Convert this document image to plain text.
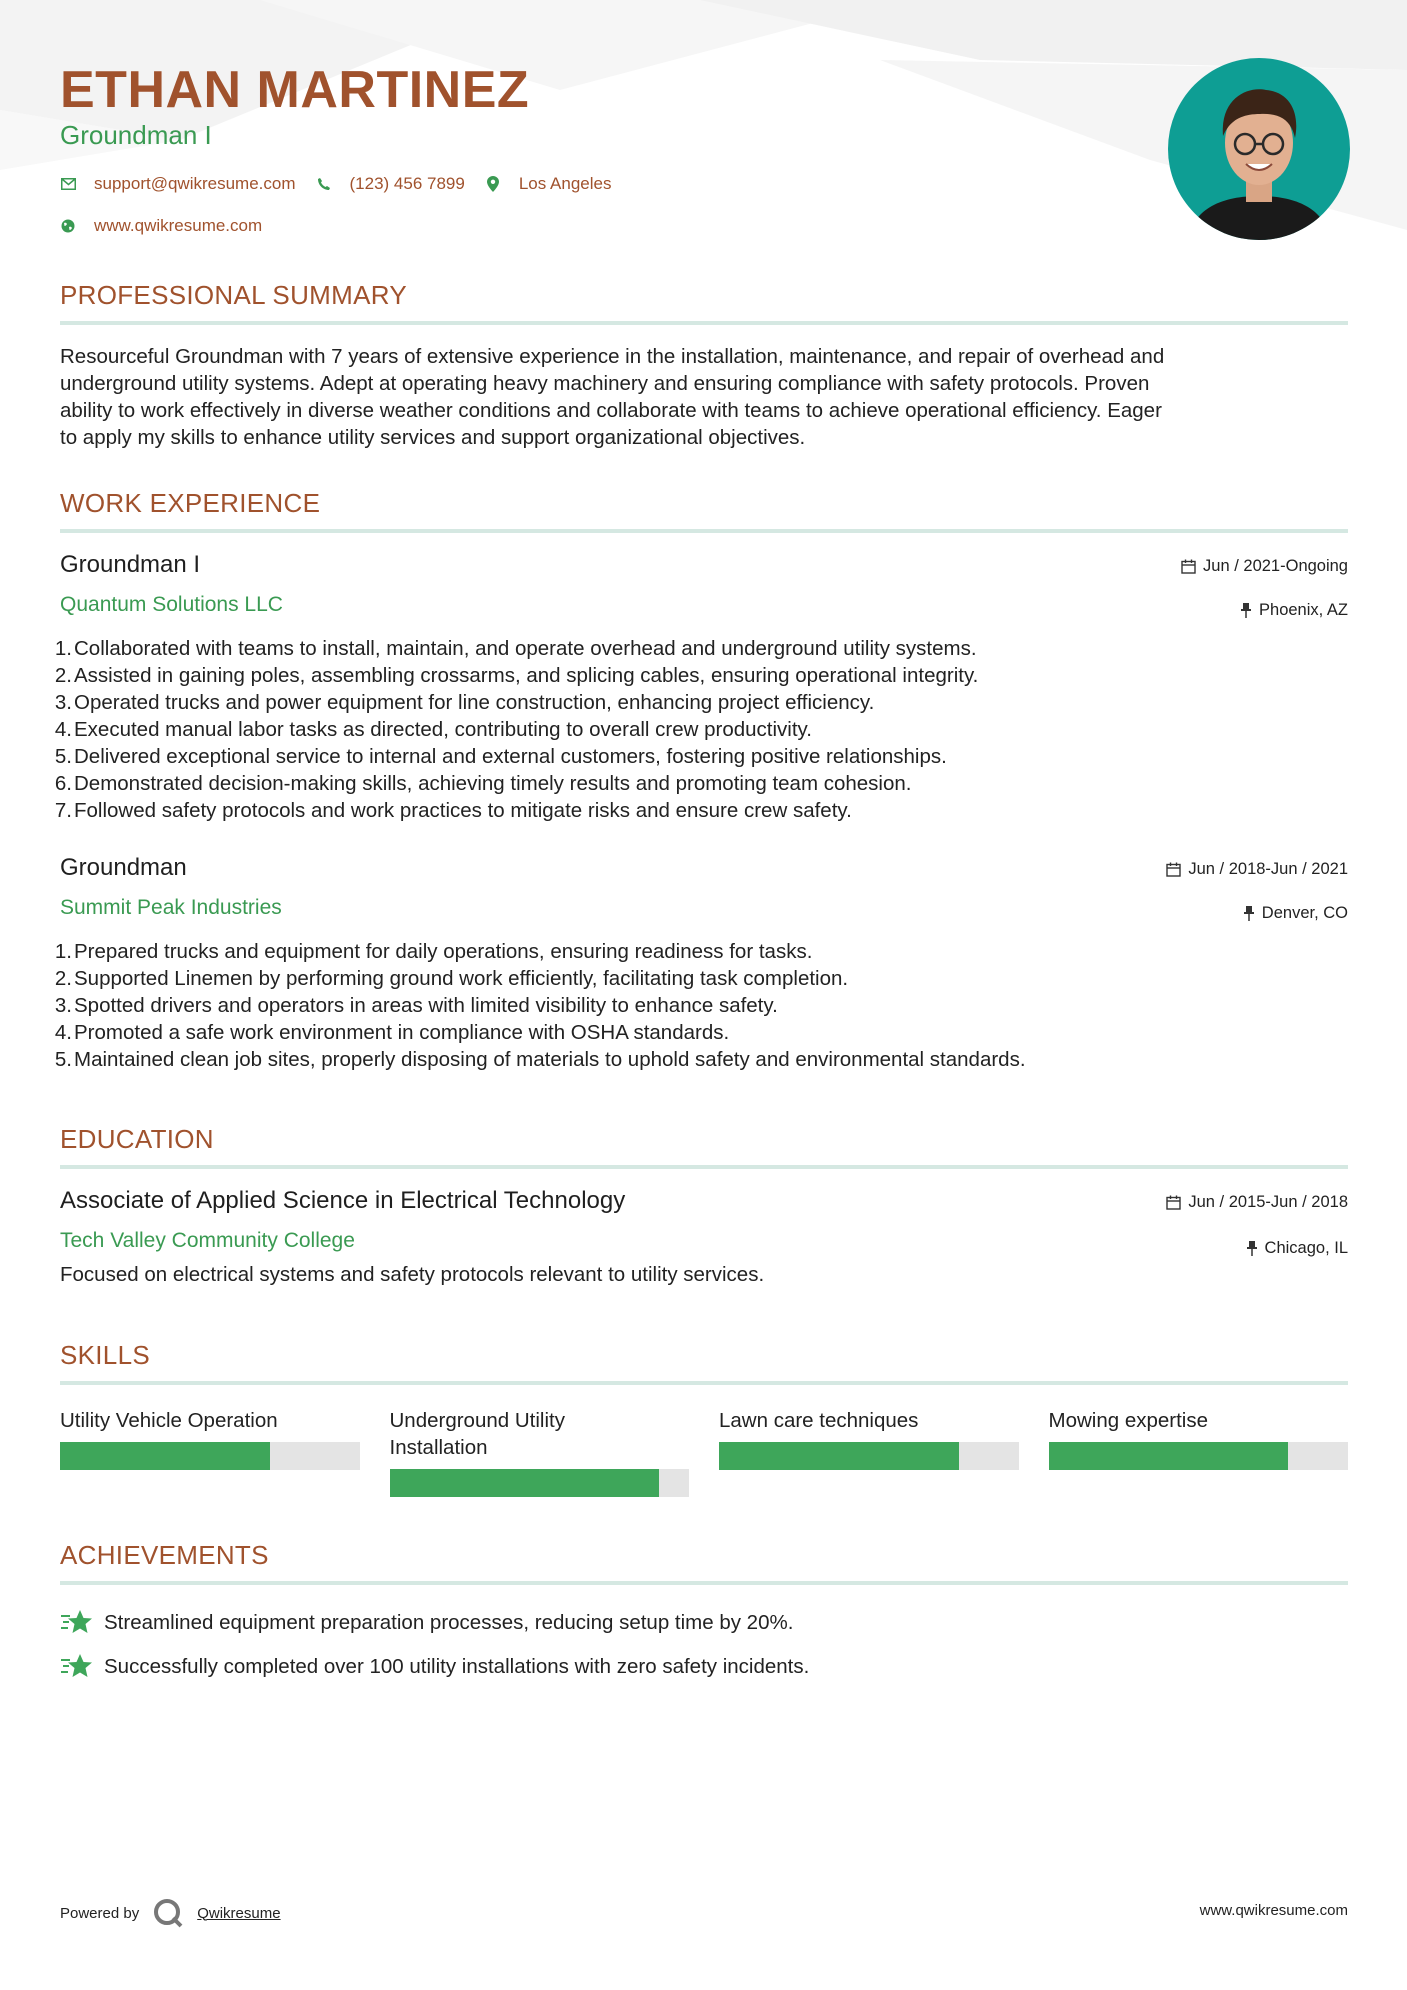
ETHAN MARTINEZ
Groundman I
support@qwikresume.com	(123) 456 7899	Los Angeles
www.qwikresume.com
PROFESSIONAL SUMMARY
Resourceful Groundman with 7 years of extensive experience in the installation, maintenance, and repair of overhead and
underground utility systems. Adept at operating heavy machinery and ensuring compliance with safety protocols. Proven
ability to work effectively in diverse weather conditions and collaborate with teams to achieve operational efficiency. Eager
to apply my skills to enhance utility services and support organizational objectives.
WORK EXPERIENCE
Groundman I	Jun / 2021-Ongoing
Quantum Solutions LLC	Phoenix, AZ
1. Collaborated with teams to install, maintain, and operate overhead and underground utility systems.
2. Assisted in gaining poles, assembling crossarms, and splicing cables, ensuring operational integrity.
3. Operated trucks and power equipment for line construction, enhancing project efficiency.
4. Executed manual labor tasks as directed, contributing to overall crew productivity.
5. Delivered exceptional service to internal and external customers, fostering positive relationships.
6. Demonstrated decision-making skills, achieving timely results and promoting team cohesion.
7. Followed safety protocols and work practices to mitigate risks and ensure crew safety.
Groundman	Jun / 2018-Jun / 2021
Summit Peak Industries	Denver, CO
1. Prepared trucks and equipment for daily operations, ensuring readiness for tasks.
2. Supported Linemen by performing ground work efficiently, facilitating task completion.
3. Spotted drivers and operators in areas with limited visibility to enhance safety.
4. Promoted a safe work environment in compliance with OSHA standards.
5. Maintained clean job sites, properly disposing of materials to uphold safety and environmental standards.
EDUCATION
Associate of Applied Science in Electrical Technology	Jun / 2015-Jun / 2018
Tech Valley Community College	Chicago, IL
Focused on electrical systems and safety protocols relevant to utility services.
SKILLS
Utility Vehicle Operation	Underground Utility Installation
Lawn care techniques	Mowing expertise
ACHIEVEMENTS
Streamlined equipment preparation processes, reducing setup time by 20%.
Successfully completed over 100 utility installations with zero safety incidents.
Powered by	Qwikresume	www.qwikresume.com
